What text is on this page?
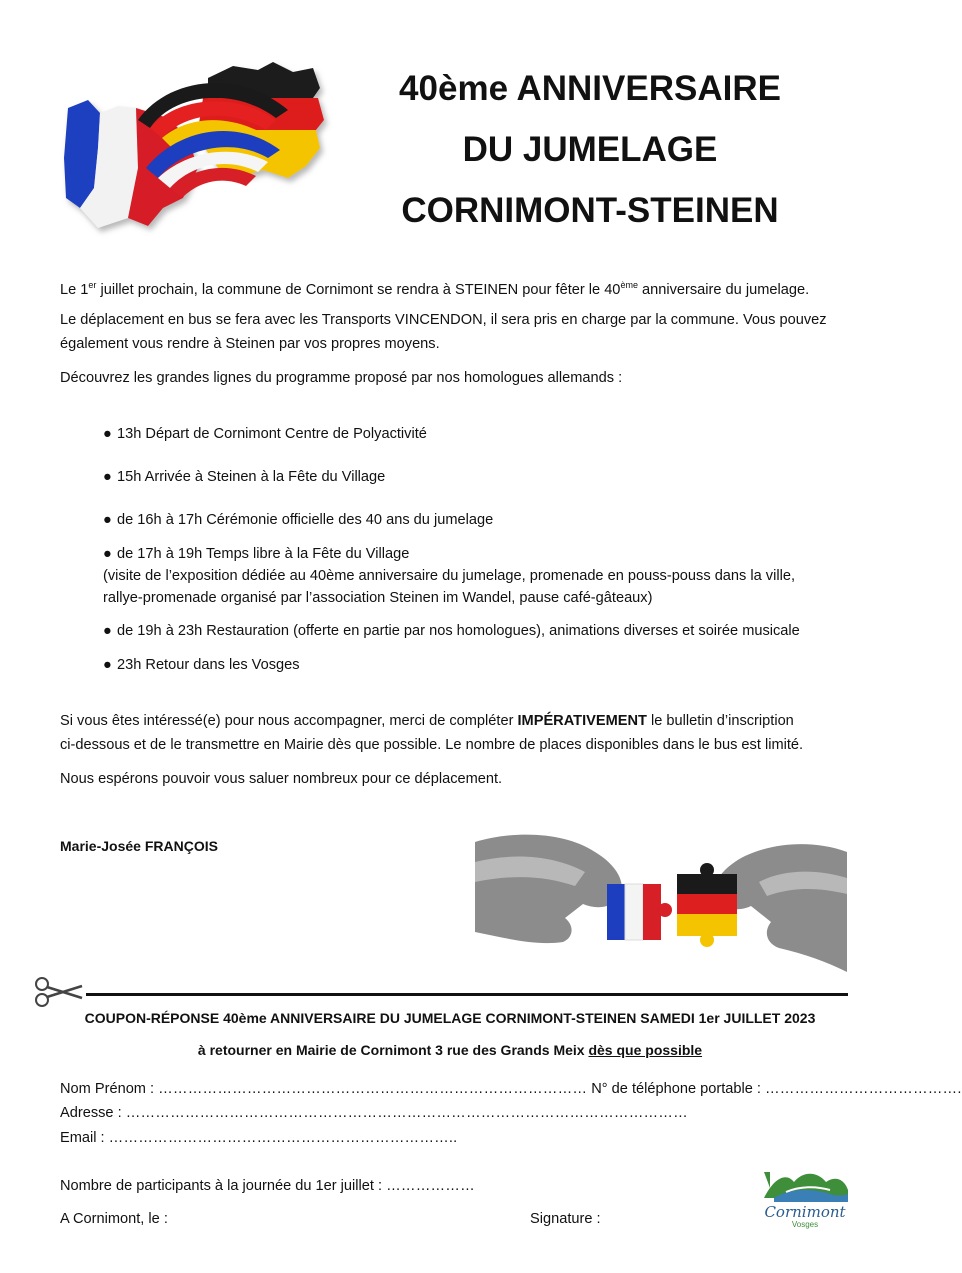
40ème ANNIVERSAIRE
DU JUMELAGE
CORNIMONT-STEINEN
Le 1er juillet prochain, la commune de Cornimont se rendra à STEINEN pour fêter le 40ème anniversaire du jumelage.
Le déplacement en bus se fera avec les Transports VINCENDON, il sera pris en charge par la commune. Vous pouvez
également vous rendre à Steinen par vos propres moyens.
Découvrez les grandes lignes du programme proposé par nos homologues allemands :
● 13h Départ de Cornimont Centre de Polyactivité
● 15h Arrivée à Steinen à la Fête du Village
● de 16h à 17h Cérémonie officielle des 40 ans du jumelage
● de 17h à 19h Temps libre à la Fête du Village
(visite de l’exposition dédiée au 40ème anniversaire du jumelage, promenade en pouss-pouss dans la ville,
rallye-promenade organisé par l’association Steinen im Wandel, pause café-gâteaux)
● de 19h à 23h Restauration (offerte en partie par nos homologues), animations diverses et soirée musicale
● 23h Retour dans les Vosges
Si vous êtes intéressé(e) pour nous accompagner, merci de compléter IMPÉRATIVEMENT le bulletin d’inscription
ci-dessous et de le transmettre en Mairie dès que possible. Le nombre de places disponibles dans le bus est limité.
Nous espérons pouvoir vous saluer nombreux pour ce déplacement.
Marie-Josée FRANÇOIS
COUPON-RÉPONSE 40ème ANNIVERSAIRE DU JUMELAGE CORNIMONT-STEINEN SAMEDI 1er JUILLET 2023
à retourner en Mairie de Cornimont 3 rue des Grands Meix dès que possible
Nom Prénom : …………………………………………………………………………… N° de téléphone portable : ………………………………….
Adresse : ……………………………………………………………………………………………………
Email : ……………………………………………………………..
Nombre de participants à la journée du 1er juillet : ………………
A Cornimont, le :	Signature :	Cornimont
Vosges
